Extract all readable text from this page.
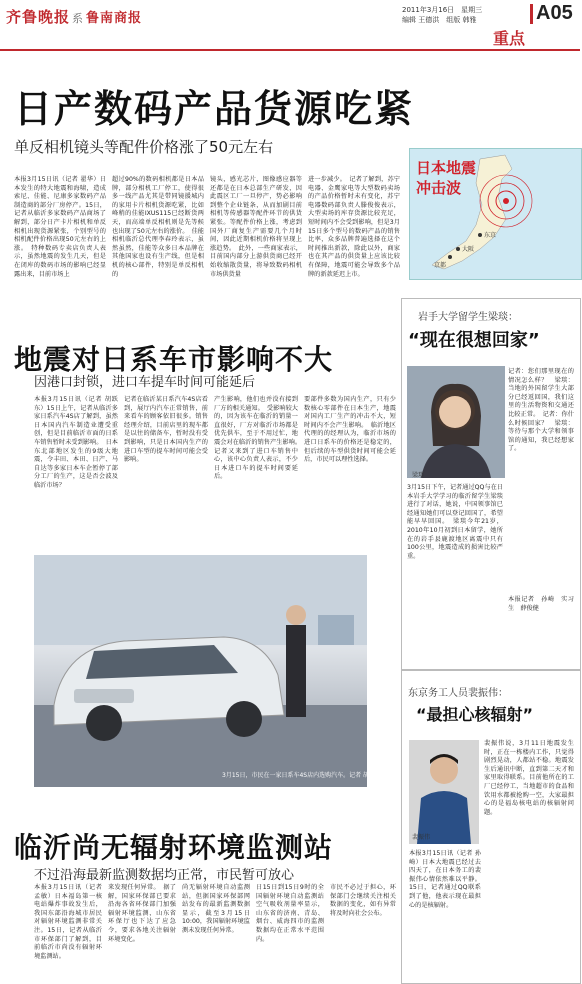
齐鲁晚报 系 鲁南商报
2011年3月16日　星期三
编辑 王德洪　组版 韩雅	A05
重点
日产数码产品货源吃紧
单反相机镜头等配件价格涨了50元左右
本报3月15日讯（记者 翟华）日本发生的特大地震和海啸，造成索尼、佳能、尼康多家数码产品制造商的部分厂房停产。15日，记者从临沂多家数码产品商场了解到，部分日产卡片相机和单反相机出现货源紧张，个别型号的相机配件价格出现50元左右的上涨。　特种数码专卖店负责人表示，虽然地震的发生几天，但是在闭库的数码市场的影响已经显露出来，目前市场上
超过90%的数码相机都是日本品牌，部分相机工厂停工，使得很多一线产品尤其是带同镜援城内的家用卡片相机货源吃紧，比如峰稍的佳能IXUS115已经断货两天，而高端单反相机则是先等候也出现了50元左右的涨价。　佳能相机临沂总代理李春玲表示，虽然虽然，佳能等众多日本品牌在其他国家也设有生产线，但是相机的核心部件，特别是单反相机的
镜头，感光芯片，图像感应器等还都是在日本总部生产研发，因此震区工厂一旦停产，势必影响到整个企业链条，从而加剧目前相机等传感器等配件环节的供货紧张。等配件价格上涨，考虑到国外厂商复生产需要几个月时间，因此近期相机价格将呈现上涨趋势。　此外，一些商家表示，目前国内部分上游供货商已经开始收缩散货量，将导致数码相机市场供货量
进一步减少。　记者了解到，苏宁电器、金鹰家电等大型数码卖场的产品价格暂时未有变化，苏宁电器数码部负责人滕俊俊表示，大型卖场的库存货源比较充足，短时间内不会受到影响，但是3月15日多个型号的数码产品的销售比率，众多品牌普遍选择在这个时间推出新款，除此以外，商家也在其产品的供货量上应该比较有保障，地震可能会导致多个品牌的新款延迟上市。
日本地震
冲击波
东京
大阪
京都
岩手大学留学生梁琰：
“现在很想回家”
梁琰
记者：您们那里现在的情况怎么样？　梁琰：当地的外国留学生大部分已经返回国，我们这里的生活物资和交通还比较正常。　记者：你什么时候回家？　梁琰：等待与那个大学和领事馆的通知，我已经想家了。
3月15日下午，记者通过QQ与在日本岩手大学学习的临沂留学生梁琰进行了对话，她说，中国领事馆已经通知她们可以登记回国了，希望能早早回国。　梁琰今年21岁，2010年10月初到日本留学，她所在的岩手县鹿渡地区离震中只有100公里，地震造成的损害比较严重。
本报记者　孙崎　实习生　薛俊健
地震对日系车市影响不大
因港口封锁，进口车提车时间可能延后
本报3月15日讯（记者 胡跃东）15日上午，记者从临沂多家日系汽车4S店了解到，虽然日本国内汽车制造业遭受重创，但是目前临沂市面的日系车销售暂时未受到影响。　日本东北部地区发生的9级大地震，令丰田、本田、日产、马自达等多家日本车企暂停了部分工厂的生产，这是否会波及临沂市场？
记者在临沂某日系汽车4S店看到，展厅内汽车正常销售，前来看车的顾客依旧很多。销售经理介绍，目前店里的现车都是以往的储备车，暂时没有受到影响，只是日本国内生产的进口车型的提车时间可能会受影响。
产生影响，他们也并没有接到厂方的相关通知。　受影响较大的，因为该车在临沂的销量一直很好，厂方对临沂市场都是优先供车，至于不用过忙，地震会对在临沂的销售产生影响。　记者又来到了进口车销售中心，该中心负责人表示，不少日本进口车的提车时间要延后。
要部件多数为国内生产，只有少数核心零部件在日本生产，地震对国内工厂生产的冲击不大，短时间内不会产生影响。　临沂地区代理的的经理认为，临沂市场的进口日系车的价格还是稳定的，但后续的车型供货时间可能会延后，市民可以理性选择。
3月15日，市民在一家日系车4S店内选购汽车。记者 胡跃东 摄
东京务工人员裴振伟：
“最担心核辐射”
裴振伟
裴振伟说，3月11日地震发生时，正在一栋楼内工作，只觉得剧烈晃动，人都站不稳。地震发生后通讯中断，直到第二天才和家里取得联系。目前他所在的工厂已经停工，当地超市的食品和饮用水都被抢购一空，大家最担心的是福岛核电站的核辐射问题。
本报3月15日讯（记者 孙崎）日本大地震已经过去四天了，在日本务工的裴振伟心情依然难以平静。15日，记者通过QQ联系到了他，他表示现在最担心的是核辐射。
临沂尚无辐射环境监测站
不过沿海最新监测数据均正常，市民暂可放心
本报3月15日讯（记者 孟敏）日本福岛第一核电站爆炸事故发生后，我国东部沿海城市居民对辐射环境监测非常关注。15日，记者从临沂市环保部门了解到，目前临沂市尚没有辐射环境监测站。
来发现任何异常。　据了解，国家环保部已要求沿海各省环保部门加强辐射环境监测，山东省环保厅也下达了应急令，要求各地关注辐射环境变化。
尚无辐射环境自动监测站，但据国家环保部网站发布的最新监测数据显示，截至3月15日10:00，我国辐射环境监测未发现任何异常。
日15日到15日9时的全国辐射环境自动监测站空气吸收剂量率显示，山东省的济南、青岛、烟台、威海四市的监测数据均在正常水平范围内。
市民不必过于担心，环保部门会继续关注相关数据的变化，如有异常将及时向社会公布。
